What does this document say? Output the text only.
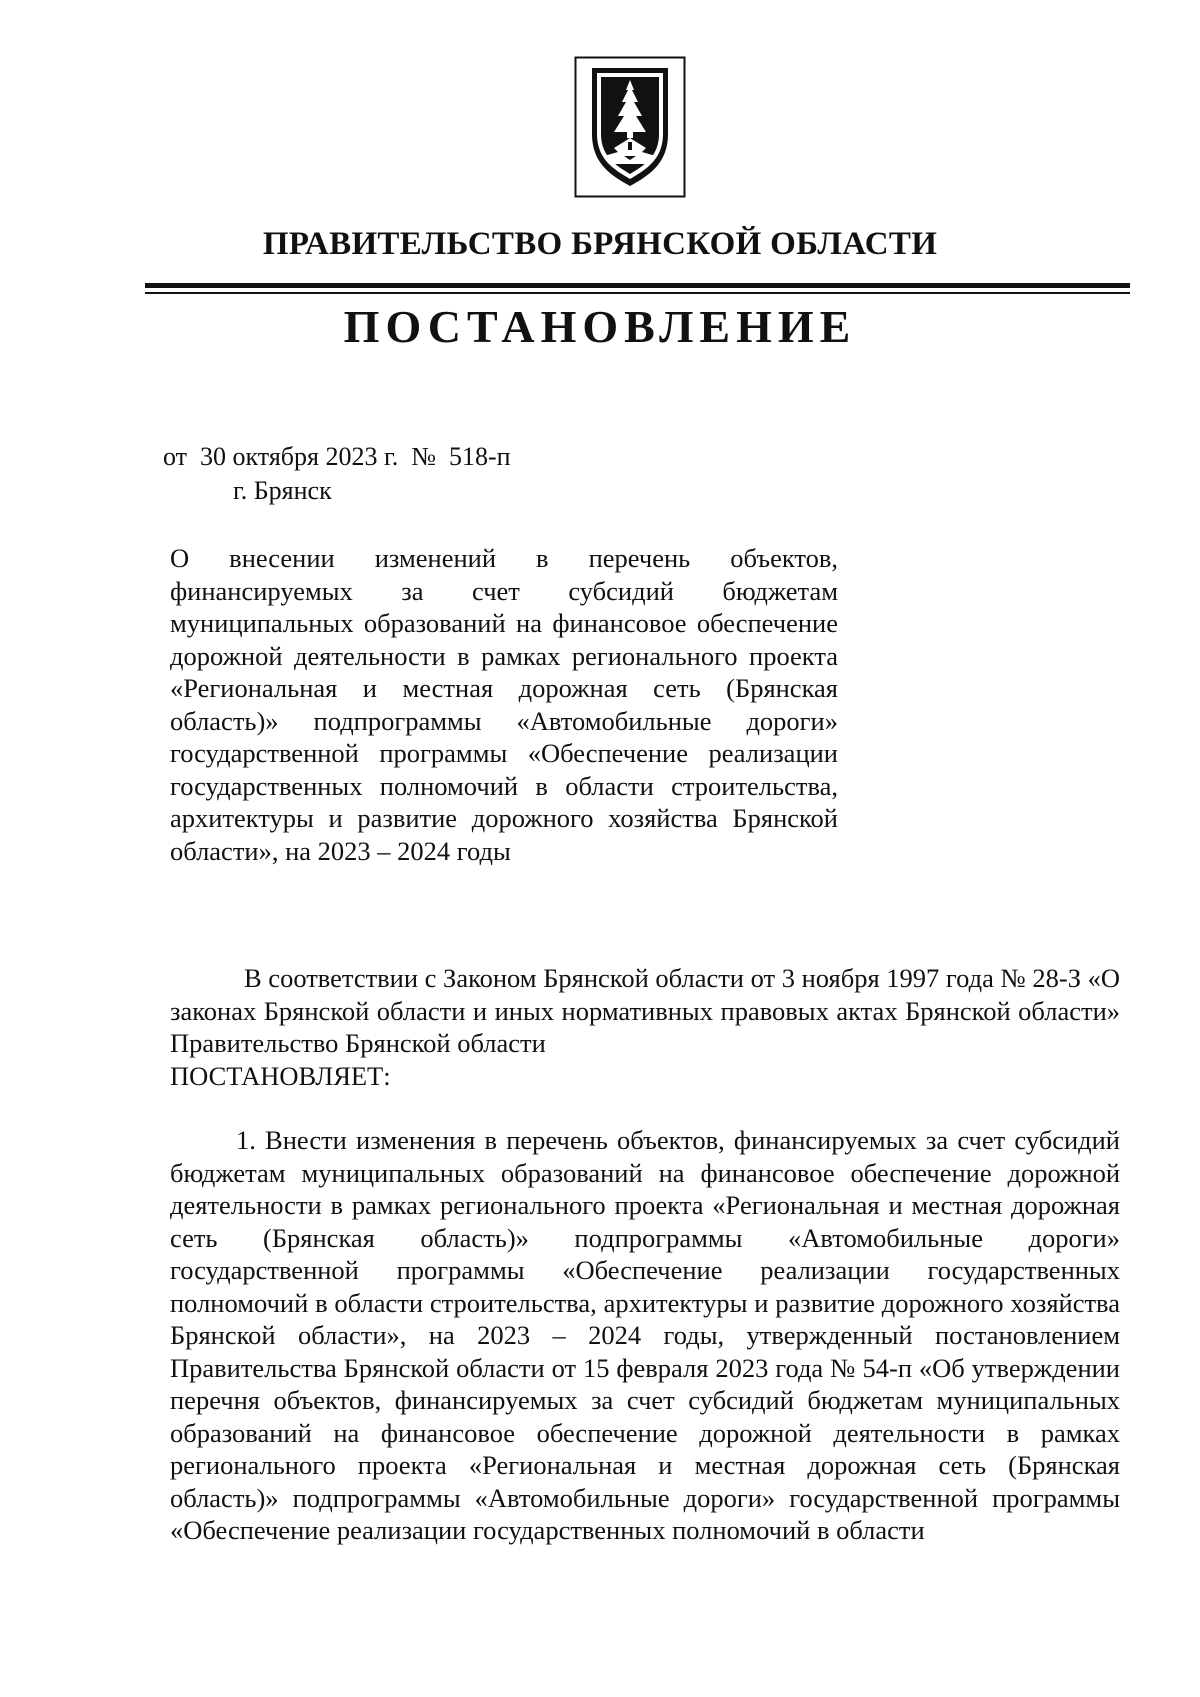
ПРАВИТЕЛЬСТВО БРЯНСКОЙ ОБЛАСТИ
ПОСТАНОВЛЕНИЕ
от  30 октября 2023 г.  №  518-п
г. Брянск

О внесении изменений в перечень объектов, финансируемых за счет субсидий бюджетам муниципальных образований на финансовое обеспечение дорожной деятельности в рамках регионального проекта «Региональная и местная дорожная сеть (Брянская область)» подпрограммы «Автомобильные дороги» государственной программы «Обеспечение реализации государственных полномочий в области строительства, архитектуры и развитие дорожного хозяйства Брянской области», на 2023 – 2024 годы

В соответствии с Законом Брянской области от 3 ноября 1997 года № 28-З «О законах Брянской области и иных нормативных правовых актах Брянской области» Правительство Брянской области

ПОСТАНОВЛЯЕТ:

1. Внести изменения в перечень объектов, финансируемых за счет субсидий бюджетам муниципальных образований на финансовое обеспечение дорожной деятельности в рамках регионального проекта «Региональная и местная дорожная сеть (Брянская область)» подпрограммы «Автомобильные дороги» государственной программы «Обеспечение реализации государственных полномочий в области строительства, архитектуры и развитие дорожного хозяйства Брянской области», на 2023 – 2024 годы, утвержденный постановлением Правительства Брянской области от 15 февраля 2023 года № 54-п «Об утверждении перечня объектов, финансируемых за счет субсидий бюджетам муниципальных образований на финансовое обеспечение дорожной деятельности в рамках регионального проекта «Региональная и местная дорожная сеть (Брянская область)» подпрограммы «Автомобильные дороги» государственной программы «Обеспечение реализации государственных полномочий в области
